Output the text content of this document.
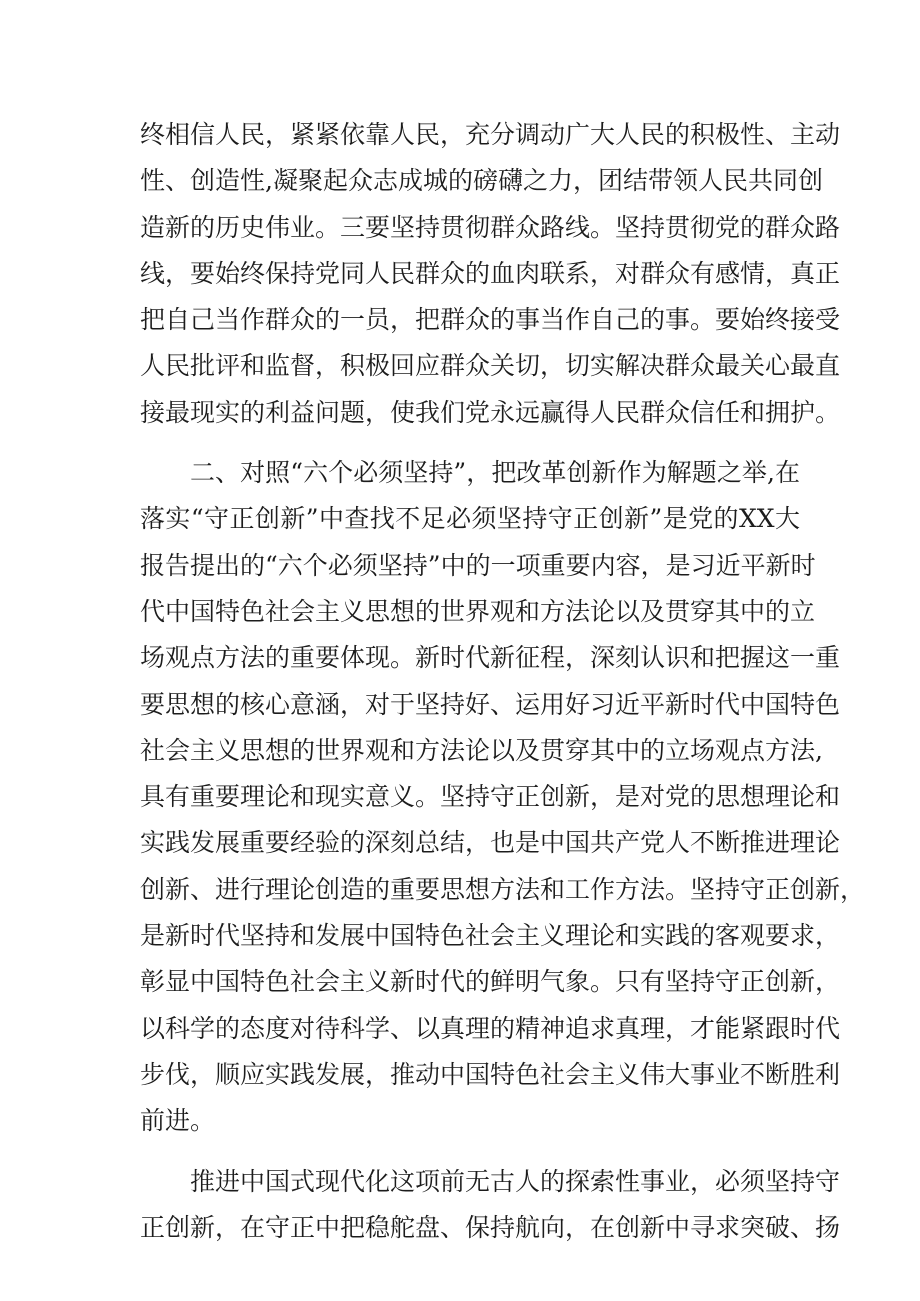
终相信人民，紧紧依靠人民，充分调动广大人民的积极性、主动
性、创造性,凝聚起众志成城的磅礴之力，团结带领人民共同创
造新的历史伟业。三要坚持贯彻群众路线。坚持贯彻党的群众路
线，要始终保持党同人民群众的血肉联系，对群众有感情，真正
把自己当作群众的一员，把群众的事当作自己的事。要始终接受
人民批评和监督，积极回应群众关切，切实解决群众最关心最直
接最现实的利益问题，使我们党永远赢得人民群众信任和拥护。
二、对照“六个必须坚持”，把改革创新作为解题之举,在
落实“守正创新”中查找不足必须坚持守正创新”是党的XX大
报告提出的“六个必须坚持”中的一项重要内容，是习近平新时
代中国特色社会主义思想的世界观和方法论以及贯穿其中的立
场观点方法的重要体现。新时代新征程，深刻认识和把握这一重
要思想的核心意涵，对于坚持好、运用好习近平新时代中国特色
社会主义思想的世界观和方法论以及贯穿其中的立场观点方法,
具有重要理论和现实意义。坚持守正创新，是对党的思想理论和
实践发展重要经验的深刻总结，也是中国共产党人不断推进理论
创新、进行理论创造的重要思想方法和工作方法。坚持守正创新，
是新时代坚持和发展中国特色社会主义理论和实践的客观要求，
彰显中国特色社会主义新时代的鲜明气象。只有坚持守正创新，
以科学的态度对待科学、以真理的精神追求真理，才能紧跟时代
步伐，顺应实践发展，推动中国特色社会主义伟大事业不断胜利
前进。
推进中国式现代化这项前无古人的探索性事业，必须坚持守
正创新，在守正中把稳舵盘、保持航向，在创新中寻求突破、扬
